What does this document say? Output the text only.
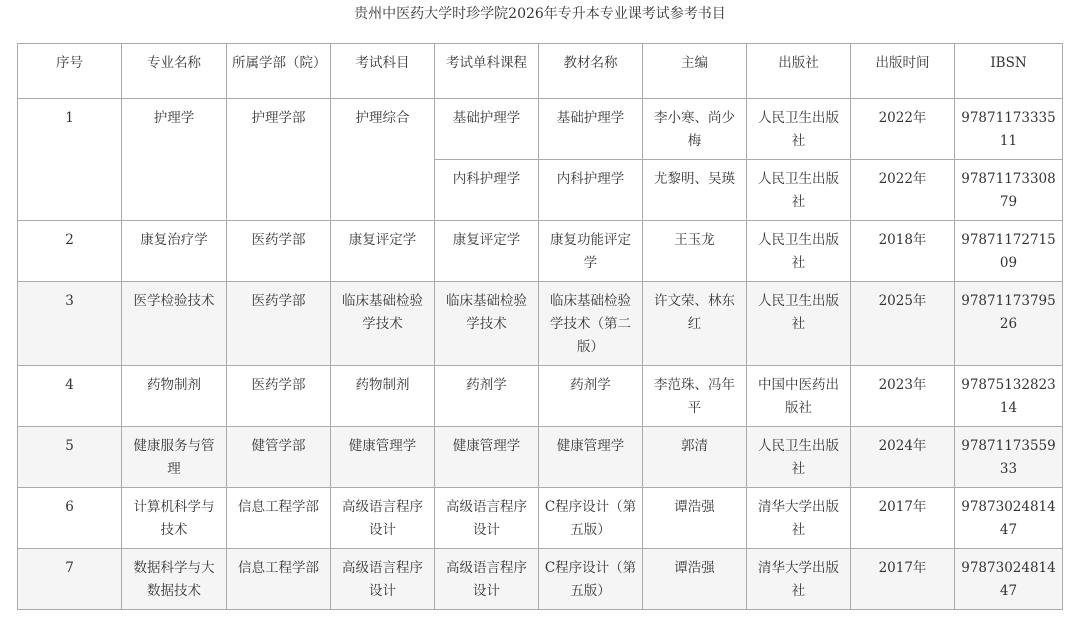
贵州中医药大学时珍学院2026年专升本专业课考试参考书目
序号	专业名称	所属学部（院）	考试科目	考试单科课程	教材名称	主编	出版社	出版时间	IBSN
1	护理学	护理学部	护理综合	基础护理学	基础护理学	李小寒、尚少梅	人民卫生出版社	2022年	9787117333511
				内科护理学	内科护理学	尤黎明、吴瑛	人民卫生出版社	2022年	9787117330879
2	康复治疗学	医药学部	康复评定学	康复评定学	康复功能评定学	王玉龙	人民卫生出版社	2018年	9787117271509
3	医学检验技术	医药学部	临床基础检验学技术	临床基础检验学技术	临床基础检验学技术（第二版）	许文荣、林东红	人民卫生出版社	2025年	9787117379526
4	药物制剂	医药学部	药物制剂	药剂学	药剂学	李范珠、冯年平	中国中医药出版社	2023年	9787513282314
5	健康服务与管理	健管学部	健康管理学	健康管理学	健康管理学	郭清	人民卫生出版社	2024年	9787117355933
6	计算机科学与技术	信息工程学部	高级语言程序设计	高级语言程序设计	C程序设计（第五版）	谭浩强	清华大学出版社	2017年	9787302481447
7	数据科学与大数据技术	信息工程学部	高级语言程序设计	高级语言程序设计	C程序设计（第五版）	谭浩强	清华大学出版社	2017年	9787302481447
